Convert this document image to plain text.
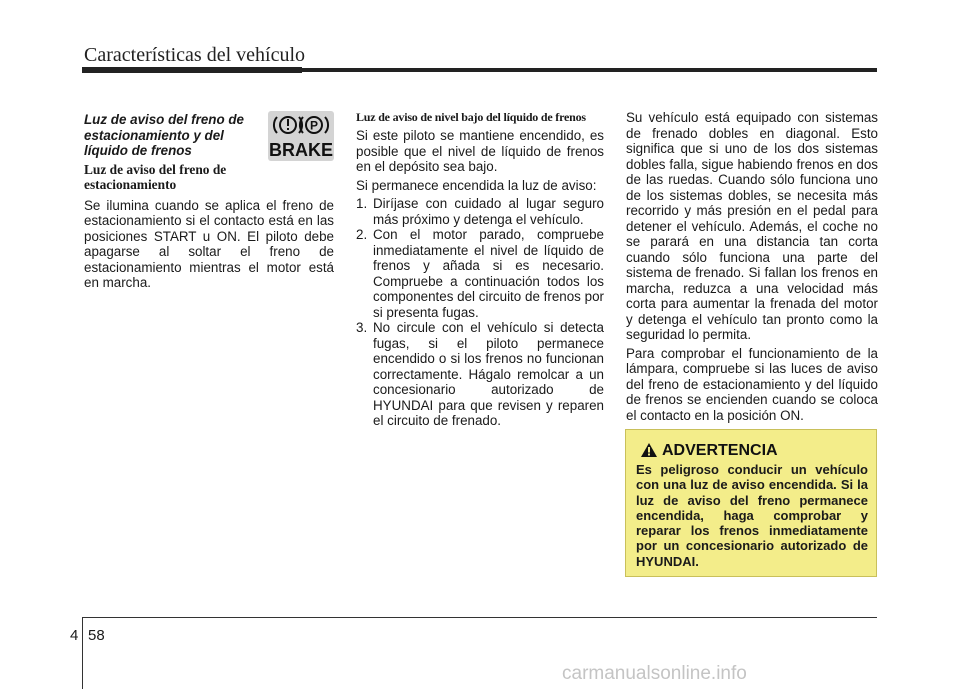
Características del vehículo
Luz de aviso del freno de estacionamiento y del líquido de frenos
Luz de aviso del freno de estacionamiento

Se ilumina cuando se aplica el freno de estacionamiento si el contacto está en las posiciones START u ON. El piloto debe apagarse al soltar el freno de estacionamiento mientras el motor está en marcha.

P
BRAKE
Luz de aviso de nivel bajo del líquido de frenos

Si este piloto se mantiene encendido, es posible que el nivel de líquido de frenos en el depósito sea bajo.

Si permanece encendida la luz de aviso:

1. Diríjase con cuidado al lugar seguro más próximo y detenga el vehículo.
2. Con el motor parado, compruebe inmediatamente el nivel de líquido de frenos y añada si es necesario. Compruebe a continuación todos los componentes del circuito de frenos por si presenta fugas.
3. No circule con el vehículo si detecta fugas, si el piloto permanece encendido o si los frenos no funcionan correctamente. Hágalo remolcar a un concesionario autorizado de HYUNDAI para que revisen y reparen el circuito de frenado.

Su vehículo está equipado con sistemas de frenado dobles en diagonal. Esto significa que si uno de los dos sistemas dobles falla, sigue habiendo frenos en dos de las ruedas. Cuando sólo funciona uno de los sistemas dobles, se necesita más recorrido y más presión en el pedal para detener el vehículo. Además, el coche no se parará en una distancia tan corta cuando sólo funciona una parte del sistema de frenado. Si fallan los frenos en marcha, reduzca a una velocidad más corta para aumentar la frenada del motor y detenga el vehículo tan pronto como la seguridad lo permita.

Para comprobar el funcionamiento de la lámpara, compruebe si las luces de aviso del freno de estacionamiento y del líquido de frenos se encienden cuando se coloca el contacto en la posición ON.

ADVERTENCIA
Es peligroso conducir un vehículo con una luz de aviso encendida. Si la luz de aviso del freno permanece encendida, haga comprobar y reparar los frenos inmediatamente por un concesionario autorizado de HYUNDAI.
4 58
carmanualsonline.info
